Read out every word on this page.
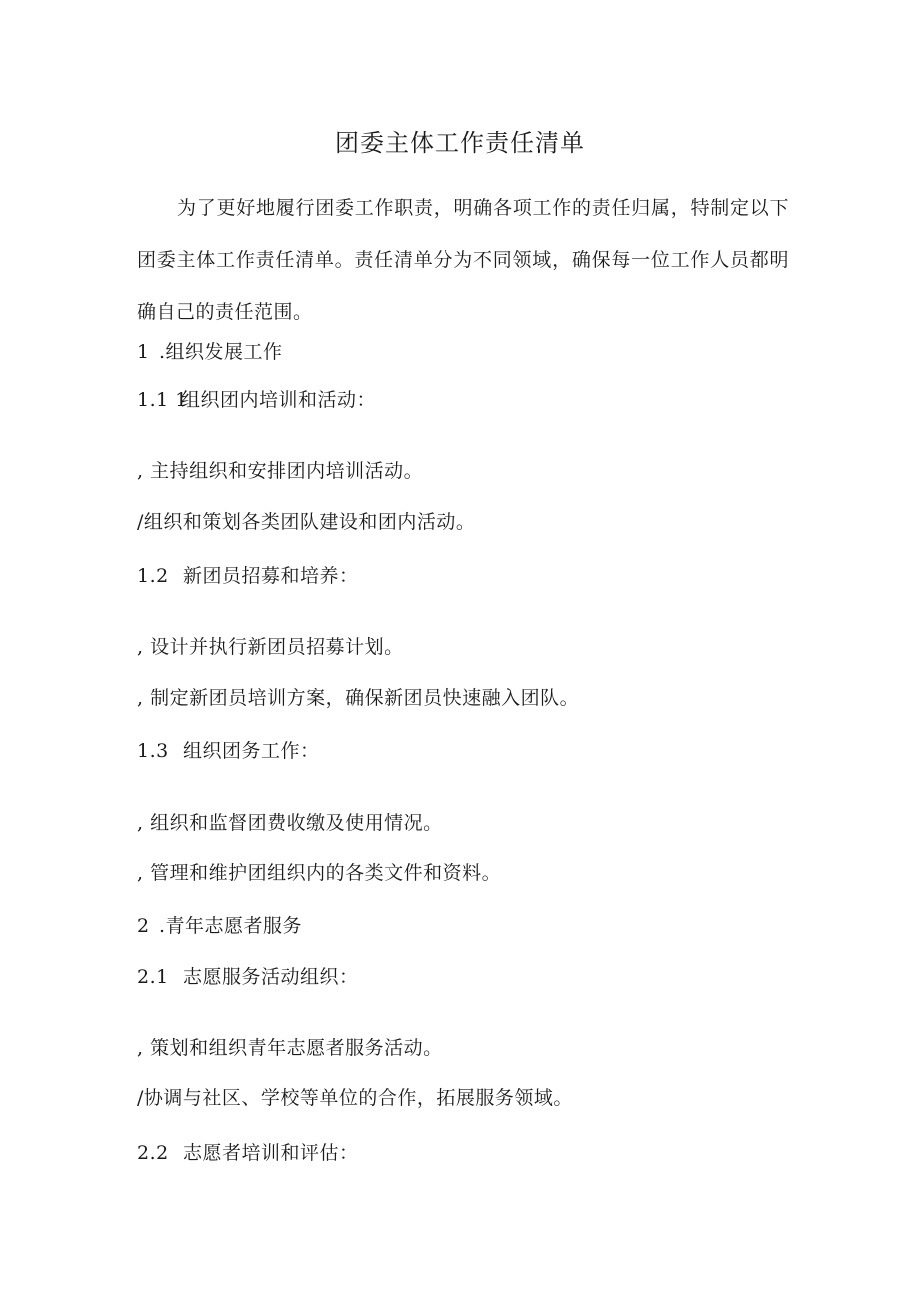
团委主体工作责任清单
为了更好地履行团委工作职责，明确各项工作的责任归属，特制定以下团委主体工作责任清单。责任清单分为不同领域，确保每一位工作人员都明确自己的责任范围。
1 .组织发展工作
1.1 1组织团内培训和活动：
, 主持组织和安排团内培训活动。
/组织和策划各类团队建设和团内活动。
1.2 新团员招募和培养：
, 设计并执行新团员招募计划。
, 制定新团员培训方案，确保新团员快速融入团队。
1.3 组织团务工作：
, 组织和监督团费收缴及使用情况。
, 管理和维护团组织内的各类文件和资料。
2 .青年志愿者服务
2.1 志愿服务活动组织：
, 策划和组织青年志愿者服务活动。
/协调与社区、学校等单位的合作，拓展服务领域。
2.2 志愿者培训和评估：
